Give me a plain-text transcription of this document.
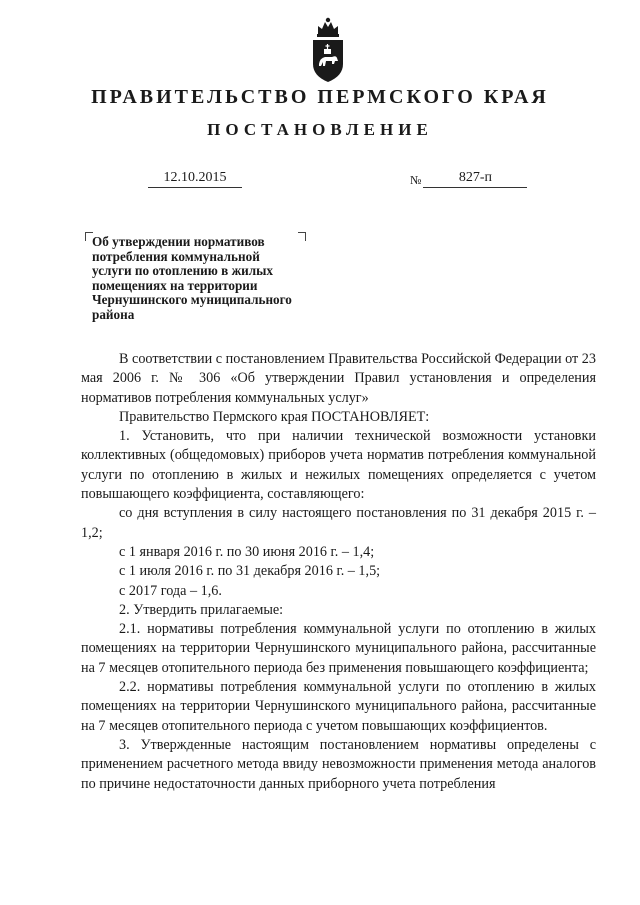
ПРАВИТЕЛЬСТВО ПЕРМСКОГО КРАЯ
ПОСТАНОВЛЕНИЕ
12.10.2015	№	827-п
Об утверждении нормативов
потребления коммунальной
услуги по отоплению в жилых
помещениях на территории
Чернушинского муниципального
района

В соответствии с постановлением Правительства Российской Федерации от 23 мая 2006 г. № 306 «Об утверждении Правил установления и определения нормативов потребления коммунальных услуг»

Правительство Пермского края ПОСТАНОВЛЯЕТ:

1. Установить, что при наличии технической возможности установки коллективных (общедомовых) приборов учета норматив потребления коммунальной услуги по отоплению в жилых и нежилых помещениях определяется с учетом повышающего коэффициента, составляющего:

со дня вступления в силу настоящего постановления по 31 декабря 2015 г. – 1,2;

с 1 января 2016 г. по 30 июня 2016 г. – 1,4;

с 1 июля 2016 г. по 31 декабря 2016 г. – 1,5;

с 2017 года – 1,6.

2. Утвердить прилагаемые:

2.1. нормативы потребления коммунальной услуги по отоплению в жилых помещениях на территории Чернушинского муниципального района, рассчитанные на 7 месяцев отопительного периода без применения повышающего коэффициента;

2.2. нормативы потребления коммунальной услуги по отоплению в жилых помещениях на территории Чернушинского муниципального района, рассчитанные на 7 месяцев отопительного периода с учетом повышающих коэффициентов.

3. Утвержденные настоящим постановлением нормативы определены с применением расчетного метода ввиду невозможности применения метода аналогов по причине недостаточности данных приборного учета потребления
